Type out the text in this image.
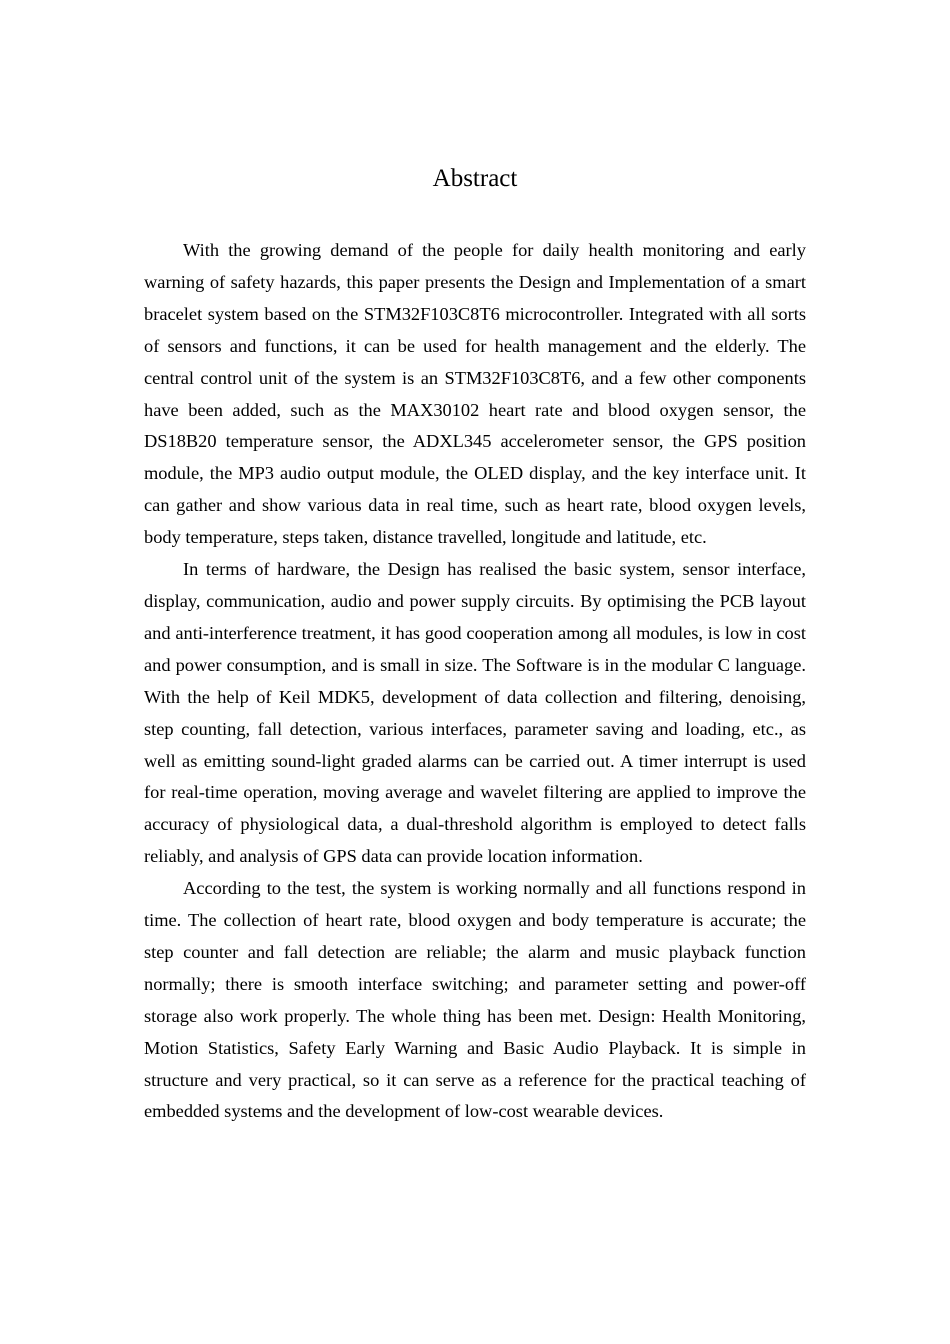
Abstract

With the growing demand of the people for daily health monitoring and early warning of safety hazards, this paper presents the Design and Implementation of a smart bracelet system based on the STM32F103C8T6 microcontroller. Integrated with all sorts of sensors and functions, it can be used for health management and the elderly. The central control unit of the system is an STM32F103C8T6, and a few other components have been added, such as the MAX30102 heart rate and blood oxygen sensor, the DS18B20 temperature sensor, the ADXL345 accelerometer sensor, the GPS position module, the MP3 audio output module, the OLED display, and the key interface unit. It can gather and show various data in real time, such as heart rate, blood oxygen levels, body temperature, steps taken, distance travelled, longitude and latitude, etc.

In terms of hardware, the Design has realised the basic system, sensor interface, display, communication, audio and power supply circuits. By optimising the PCB layout and anti-interference treatment, it has good cooperation among all modules, is low in cost and power consumption, and is small in size. The Software is in the modular C language. With the help of Keil MDK5, development of data collection and filtering, denoising, step counting, fall detection, various interfaces, parameter saving and loading, etc., as well as emitting sound-light graded alarms can be carried out. A timer interrupt is used for real-time operation, moving average and wavelet filtering are applied to improve the accuracy of physiological data, a dual-threshold algorithm is employed to detect falls reliably, and analysis of GPS data can provide location information.

According to the test, the system is working normally and all functions respond in time. The collection of heart rate, blood oxygen and body temperature is accurate; the step counter and fall detection are reliable; the alarm and music playback function normally; there is smooth interface switching; and parameter setting and power-off storage also work properly. The whole thing has been met. Design: Health Monitoring, Motion Statistics, Safety Early Warning and Basic Audio Playback. It is simple in structure and very practical, so it can serve as a reference for the practical teaching of embedded systems and the development of low-cost wearable devices.
